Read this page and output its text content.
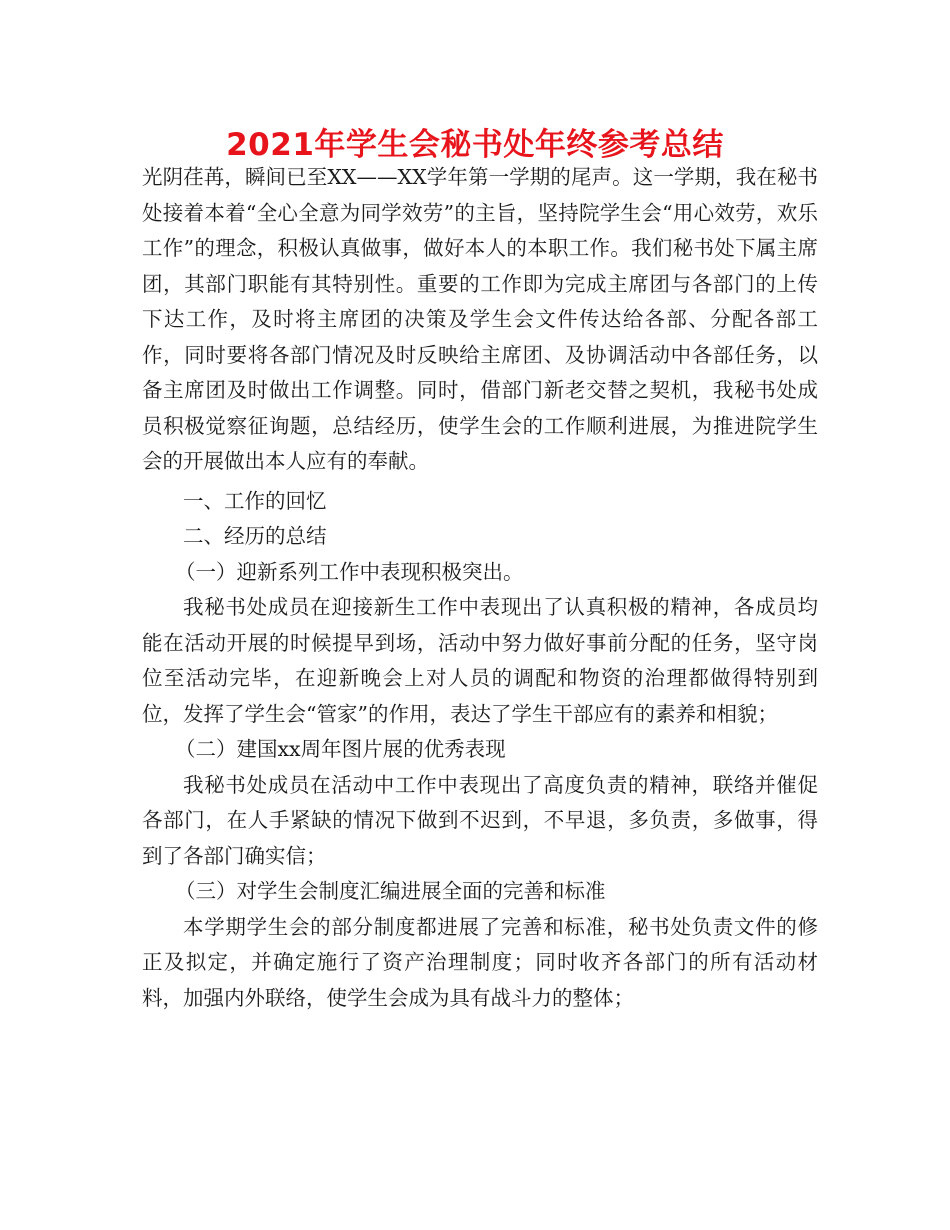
2021年学生会秘书处年终参考总结

光阴荏苒，瞬间已至XX——XX学年第一学期的尾声。这一学期，我在秘书处接着本着“全心全意为同学效劳”的主旨，坚持院学生会“用心效劳，欢乐工作”的理念，积极认真做事，做好本人的本职工作。我们秘书处下属主席团，其部门职能有其特别性。重要的工作即为完成主席团与各部门的上传下达工作，及时将主席团的决策及学生会文件传达给各部、分配各部工作，同时要将各部门情况及时反映给主席团、及协调活动中各部任务，以备主席团及时做出工作调整。同时，借部门新老交替之契机，我秘书处成员积极觉察征询题，总结经历，使学生会的工作顺利进展，为推进院学生会的开展做出本人应有的奉献。

一、工作的回忆

二、经历的总结

（一）迎新系列工作中表现积极突出。

我秘书处成员在迎接新生工作中表现出了认真积极的精神，各成员均能在活动开展的时候提早到场，活动中努力做好事前分配的任务，坚守岗位至活动完毕，在迎新晚会上对人员的调配和物资的治理都做得特别到位，发挥了学生会“管家”的作用，表达了学生干部应有的素养和相貌；

（二）建国xx周年图片展的优秀表现

我秘书处成员在活动中工作中表现出了高度负责的精神，联络并催促各部门，在人手紧缺的情况下做到不迟到，不早退，多负责，多做事，得到了各部门确实信；

（三）对学生会制度汇编进展全面的完善和标准

本学期学生会的部分制度都进展了完善和标准，秘书处负责文件的修正及拟定，并确定施行了资产治理制度；同时收齐各部门的所有活动材料，加强内外联络，使学生会成为具有战斗力的整体；
